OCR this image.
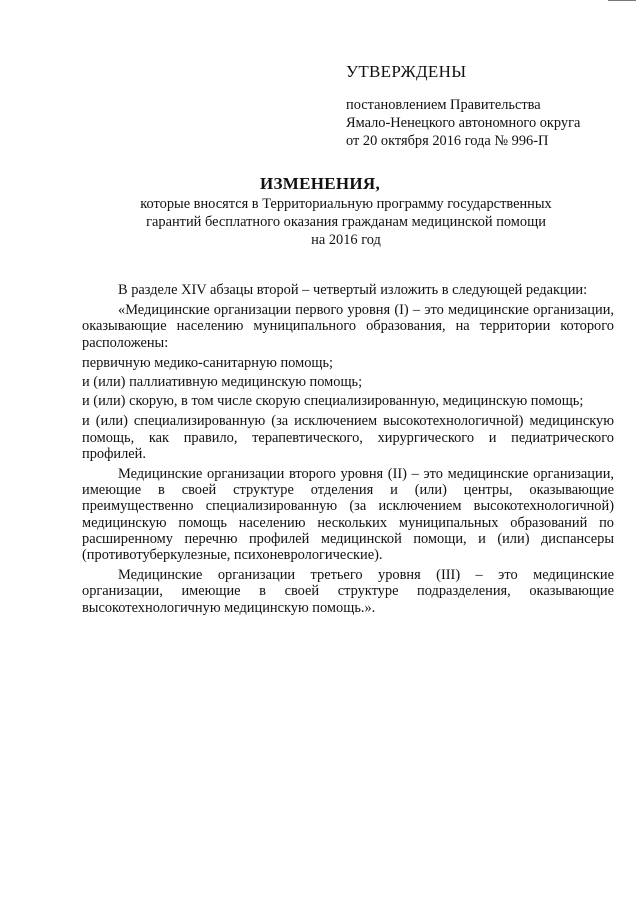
УТВЕРЖДЕНЫ

постановлением Правительства

Ямало-Ненецкого автономного округа

от 20 октября 2016 года № 996-П

ИЗМЕНЕНИЯ,

которые вносятся в Территориальную программу государственных
гарантий бесплатного оказания гражданам медицинской помощи
на 2016 год

В разделе XIV абзацы второй – четвертый изложить в следующей редакции:

«Медицинские организации первого уровня (I) – это медицинские организации, оказывающие населению муниципального образования, на территории которого расположены:

первичную медико-санитарную помощь;

и (или) паллиативную медицинскую помощь;

и (или) скорую, в том числе скорую специализированную, медицинскую помощь;

и (или) специализированную (за исключением высокотехнологичной) медицинскую помощь, как правило, терапевтического, хирургического и педиатрического профилей.

Медицинские организации второго уровня (II) – это медицинские организации, имеющие в своей структуре отделения и (или) центры, оказывающие преимущественно специализированную (за исключением высокотехнологичной) медицинскую помощь населению нескольких муниципальных образований по расширенному перечню профилей медицинской помощи, и (или) диспансеры (противотуберкулезные, психоневрологические).

Медицинские организации третьего уровня (III) – это медицинские организации, имеющие в своей структуре подразделения, оказывающие высокотехнологичную медицинскую помощь.».
